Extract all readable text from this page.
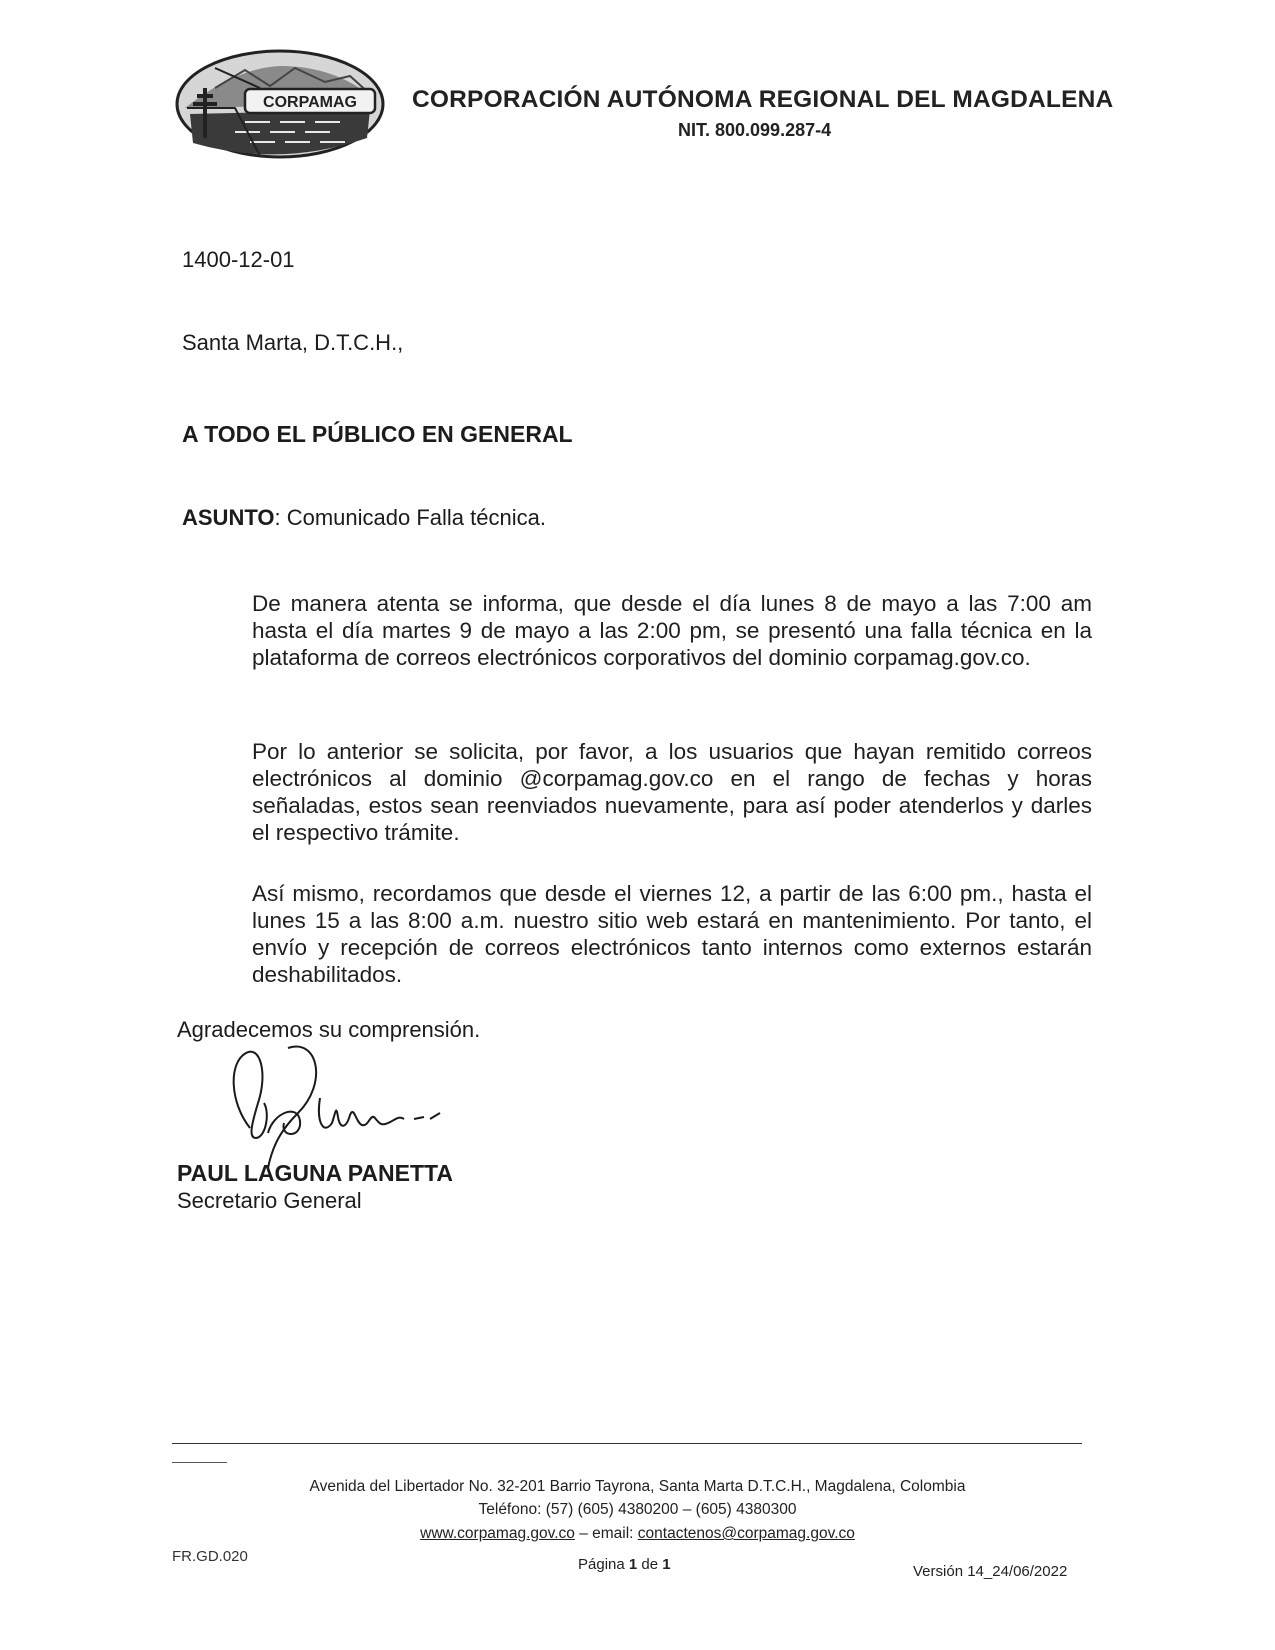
CORPAMAG CORPORACIÓN AUTÓNOMA REGIONAL DEL MAGDALENA
NIT. 800.099.287-4
1400-12-01
Santa Marta, D.T.C.H.,
A TODO EL PÚBLICO EN GENERAL
ASUNTO: Comunicado Falla técnica.
De manera atenta se informa, que desde el día lunes 8 de mayo a las 7:00 am hasta el día martes 9 de mayo a las 2:00 pm, se presentó una falla técnica en la plataforma de correos electrónicos corporativos del dominio corpamag.gov.co.
Por lo anterior se solicita, por favor, a los usuarios que hayan remitido correos electrónicos al dominio @corpamag.gov.co en el rango de fechas y horas señaladas, estos sean reenviados nuevamente, para así poder atenderlos y darles el respectivo trámite.
Así mismo, recordamos que desde el viernes 12, a partir de las 6:00 pm., hasta el lunes 15 a las 8:00 a.m. nuestro sitio web estará en mantenimiento. Por tanto, el envío y recepción de correos electrónicos tanto internos como externos estarán deshabilitados.
Agradecemos su comprensión.
PAUL LAGUNA PANETTA
Secretario General
Avenida del Libertador No. 32-201 Barrio Tayrona, Santa Marta D.T.C.H., Magdalena, Colombia
Teléfono: (57) (605) 4380200 – (605) 4380300
www.corpamag.gov.co – email: contactenos@corpamag.gov.co
FR.GD.020	Página 1 de 1	Versión 14_24/06/2022
